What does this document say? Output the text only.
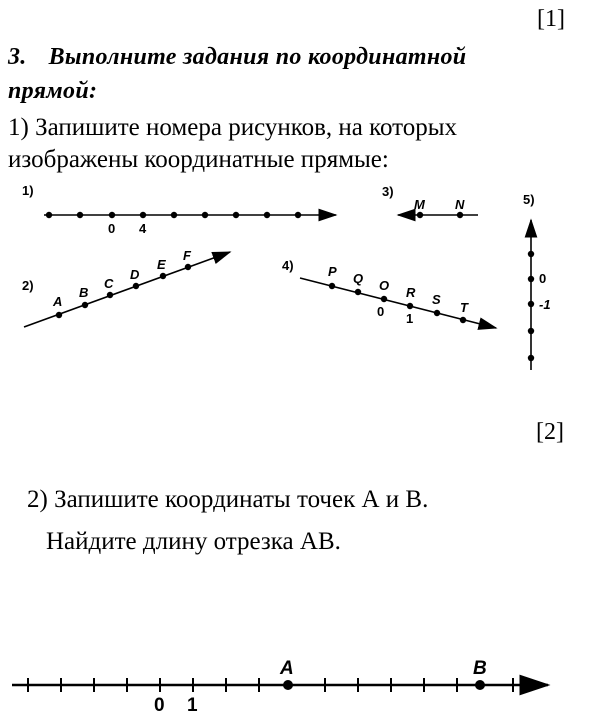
[1]
3. Выполните задания по координатной
прямой:
1) Запишите номера рисунков, на которых
изображены координатные прямые:
1)
0 4
2)
A
B
C
D
E
F
3)
M N
4)	P Q O R S
T
0 1
5)
0
-1
A	B
0 1
[2]
2) Запишите координаты точек А и В.
Найдите длину отрезка АВ.
